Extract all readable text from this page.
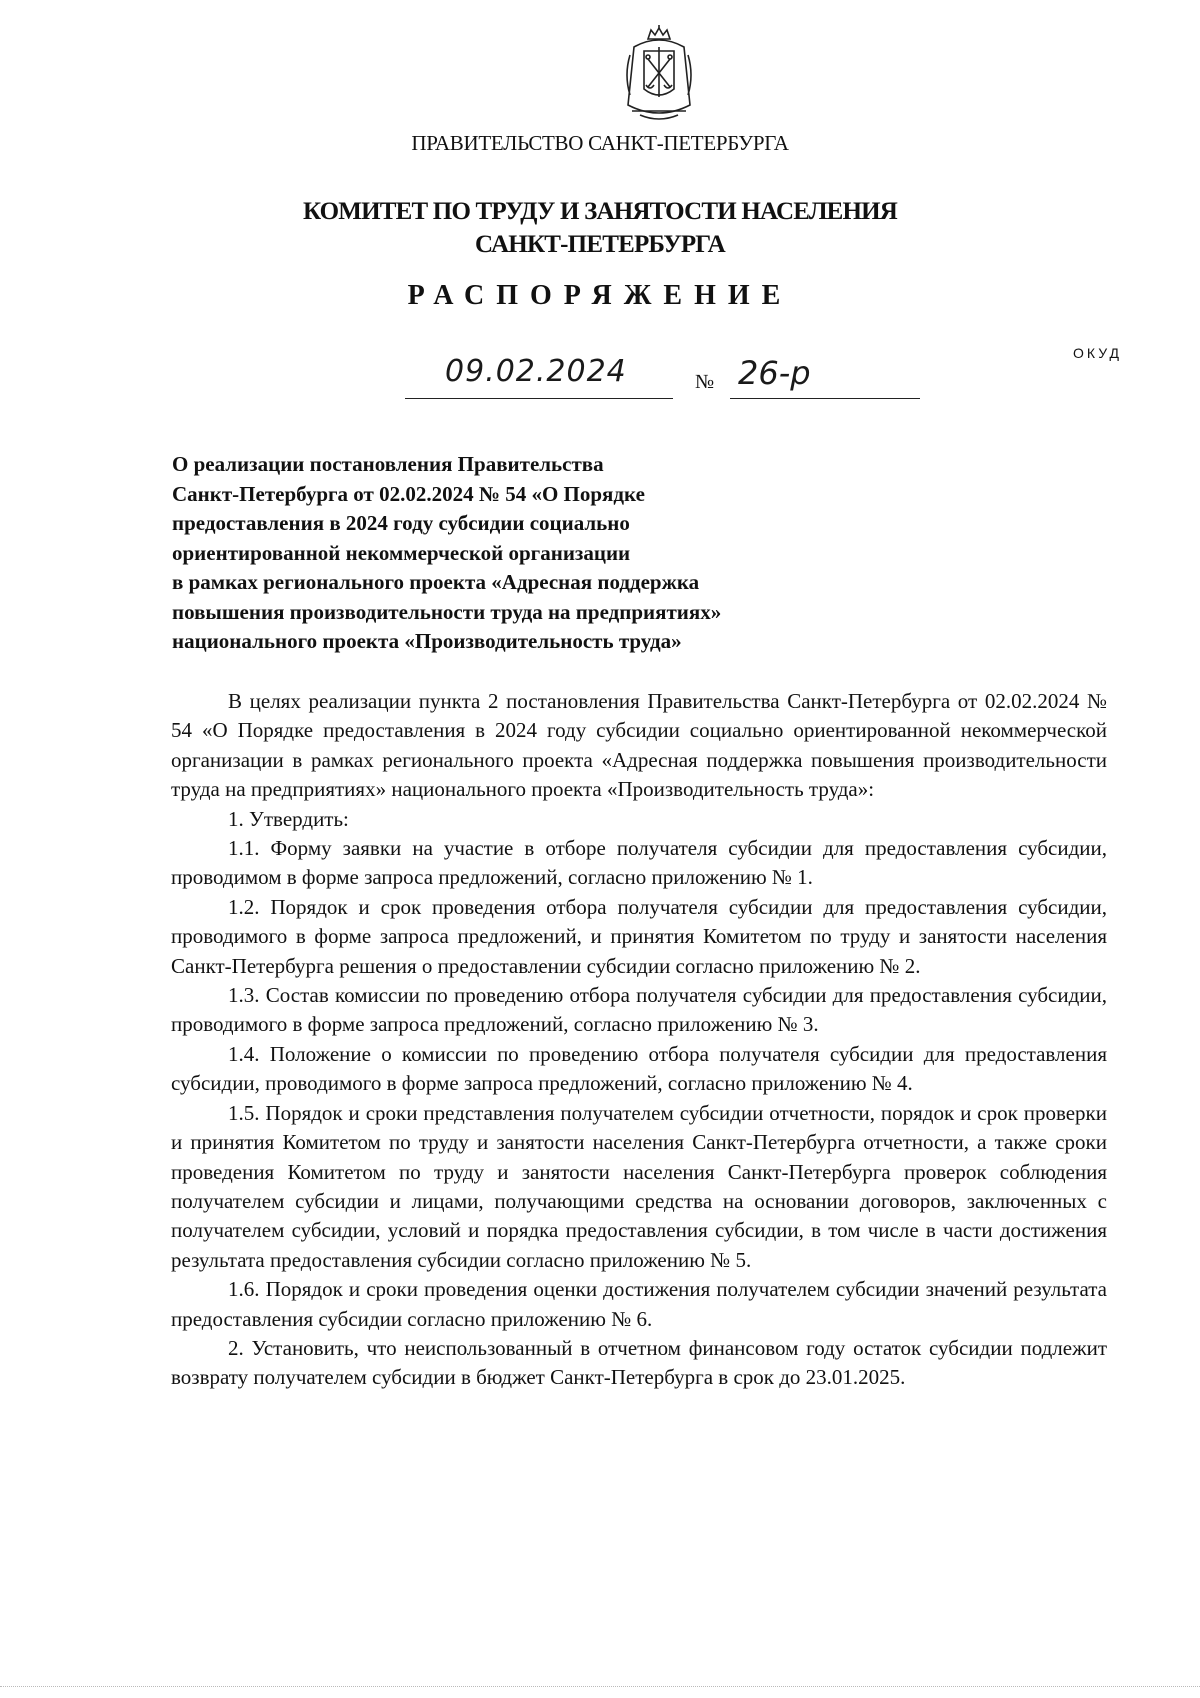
ПРАВИТЕЛЬСТВО САНКТ-ПЕТЕРБУРГА
КОМИТЕТ ПО ТРУДУ И ЗАНЯТОСТИ НАСЕЛЕНИЯ
САНКТ-ПЕТЕРБУРГА
РАСПОРЯЖЕНИЕ
ОКУД
09.02.2024	№ 26-р
О реализации постановления Правительства
Санкт-Петербурга от 02.02.2024 № 54 «О Порядке
предоставления в 2024 году субсидии социально
ориентированной некоммерческой организации
в рамках регионального проекта «Адресная поддержка
повышения производительности труда на предприятиях»
национального проекта «Производительность труда»

В целях реализации пункта 2 постановления Правительства Санкт-Петербурга от 02.02.2024 № 54 «О Порядке предоставления в 2024 году субсидии социально ориентированной некоммерческой организации в рамках регионального проекта «Адресная поддержка повышения производительности труда на предприятиях» национального проекта «Производительность труда»:

1. Утвердить:

1.1. Форму заявки на участие в отборе получателя субсидии для предоставления субсидии, проводимом в форме запроса предложений, согласно приложению № 1.

1.2. Порядок и срок проведения отбора получателя субсидии для предоставления субсидии, проводимого в форме запроса предложений, и принятия Комитетом по труду и занятости населения Санкт-Петербурга решения о предоставлении субсидии согласно приложению № 2.

1.3. Состав комиссии по проведению отбора получателя субсидии для предоставления субсидии, проводимого в форме запроса предложений, согласно приложению № 3.

1.4. Положение о комиссии по проведению отбора получателя субсидии для предоставления субсидии, проводимого в форме запроса предложений, согласно приложению № 4.

1.5. Порядок и сроки представления получателем субсидии отчетности, порядок и срок проверки и принятия Комитетом по труду и занятости населения Санкт-Петербурга отчетности, а также сроки проведения Комитетом по труду и занятости населения Санкт-Петербурга проверок соблюдения получателем субсидии и лицами, получающими средства на основании договоров, заключенных с получателем субсидии, условий и порядка предоставления субсидии, в том числе в части достижения результата предоставления субсидии согласно приложению № 5.

1.6. Порядок и сроки проведения оценки достижения получателем субсидии значений результата предоставления субсидии согласно приложению № 6.

2. Установить, что неиспользованный в отчетном финансовом году остаток субсидии подлежит возврату получателем субсидии в бюджет Санкт-Петербурга в срок до 23.01.2025.
